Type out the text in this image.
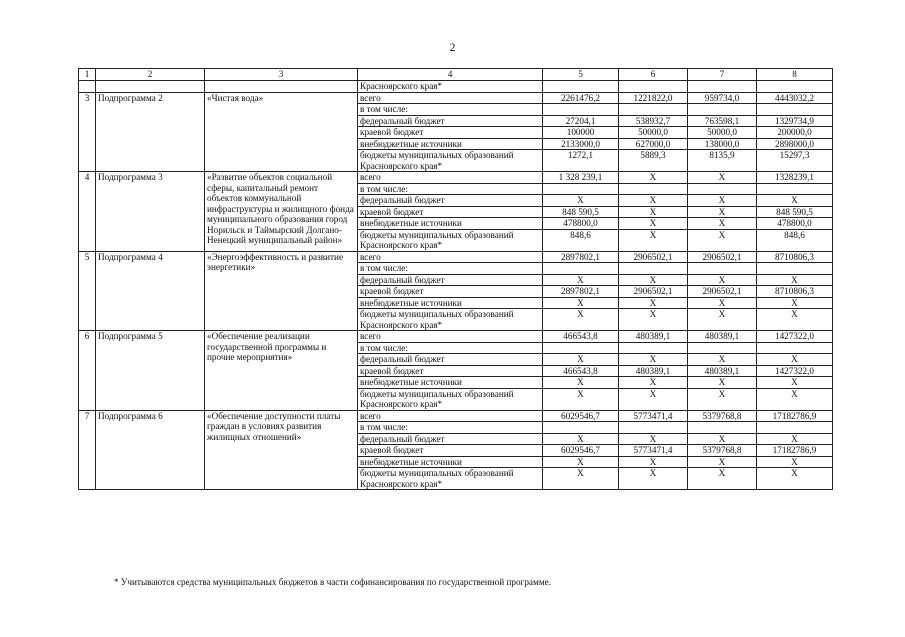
2
1	2	3	4	5	6	7	8
			Красноярского края*				
3	Подпрограмма 2	«Чистая вода»	всего	2261476,2	1221822,0	959734,0	4443032,2
			в том числе:				
			федеральный бюджет	27204,1	538932,7	763598,1	1329734,9
			краевой бюджет	100000	50000,0	50000,0	200000,0
			внебюджетные источники	2133000,0	627000,0	138000,0	2898000,0
			бюджеты муниципальных образований Красноярского края*	1272,1	5889,3	8135,9	15297,3
4	Подпрограмма 3	«Развитие объектов социальной сферы, капитальный ремонт объектов коммунальной инфраструктуры и жилищного фонда муниципального образования город Норильск и Таймырский Долгано-Ненецкий муниципальный район»	всего	1 328 239,1	X	X	1328239,1
			в том числе:				
			федеральный бюджет	X	X	X	X
			краевой бюджет	848 590,5	X	X	848 590,5
			внебюджетные источники	478800,0	X	X	478800,0
			бюджеты муниципальных образований Красноярского края*	848,6	X	X	848,6
5	Подпрограмма 4	«Энергоэффективность и развитие энергетики»	всего	2897802,1	2906502,1	2906502,1	8710806,3
			в том числе:				
			федеральный бюджет	X	X	X	X
			краевой бюджет	2897802,1	2906502,1	2906502,1	8710806,3
			внебюджетные источники	X	X	X	X
			бюджеты муниципальных образований Красноярского края*	X	X	X	X
6	Подпрограмма 5	«Обеспечение реализации государственной программы и прочие мероприятия»	всего	466543,8	480389,1	480389,1	1427322,0
			в том числе:				
			федеральный бюджет	X	X	X	X
			краевой бюджет	466543,8	480389,1	480389,1	1427322,0
			внебюджетные источники	X	X	X	X
			бюджеты муниципальных образований Красноярского края*	X	X	X	X
7	Подпрограмма 6	«Обеспечение доступности платы граждан в условиях развития жилищных отношений»	всего	6029546,7	5773471,4	5379768,8	17182786,9
			в том числе:				
			федеральный бюджет	X	X	X	X
			краевой бюджет	6029546,7	5773471,4	5379768,8	17182786,9
			внебюджетные источники	X	X	X	X
			бюджеты муниципальных образований Красноярского края*	X	X	X	X
* Учитываются средства муниципальных бюджетов в части софинансирования по государственной программе.
